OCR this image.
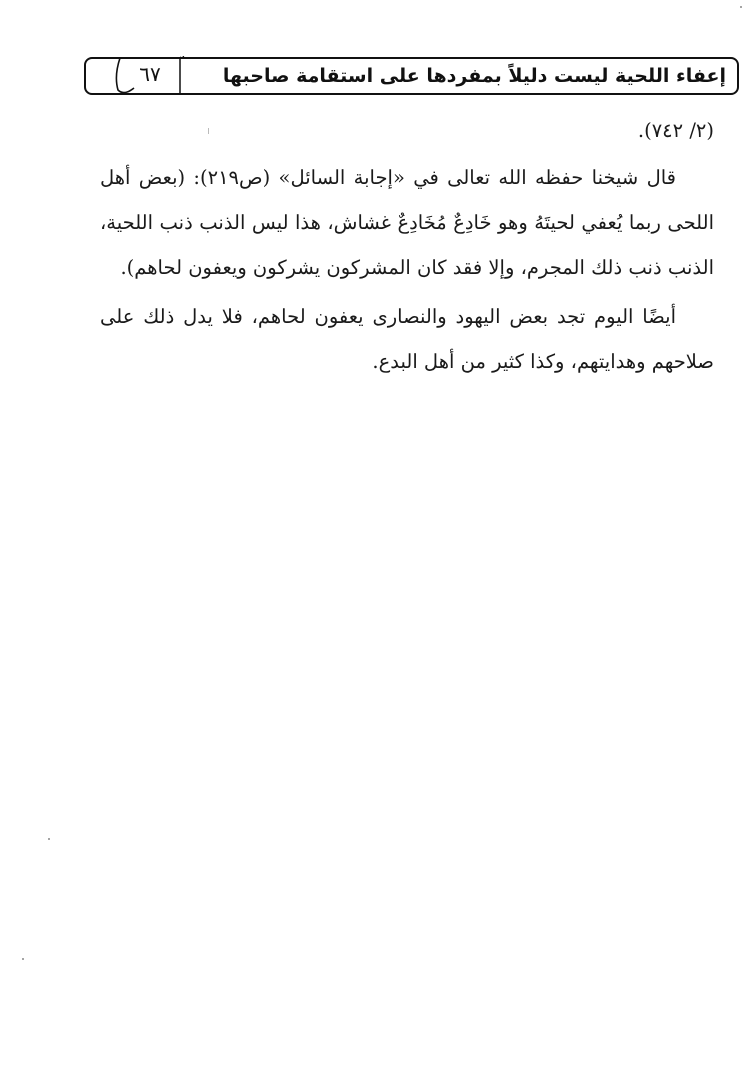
٦٧	إعفاء اللحية ليست دليلاً بمفردها على استقامة صاحبها

(٢/ ٧٤٢).

قال شيخنا حفظه الله تعالى في «إجابة السائل» (ص٢١٩): (بعض أهل اللحى ربما يُعفي لحيتَهُ وهو خَادِعٌ مُخَادِعٌ غشاش، هذا ليس الذنب ذنب اللحية، الذنب ذنب ذلك المجرم، وإلا فقد كان المشركون يشركون ويعفون لحاهم).

أيضًا اليوم تجد بعض اليهود والنصارى يعفون لحاهم، فلا يدل ذلك على صلاحهم وهدايتهم، وكذا كثير من أهل البدع.
